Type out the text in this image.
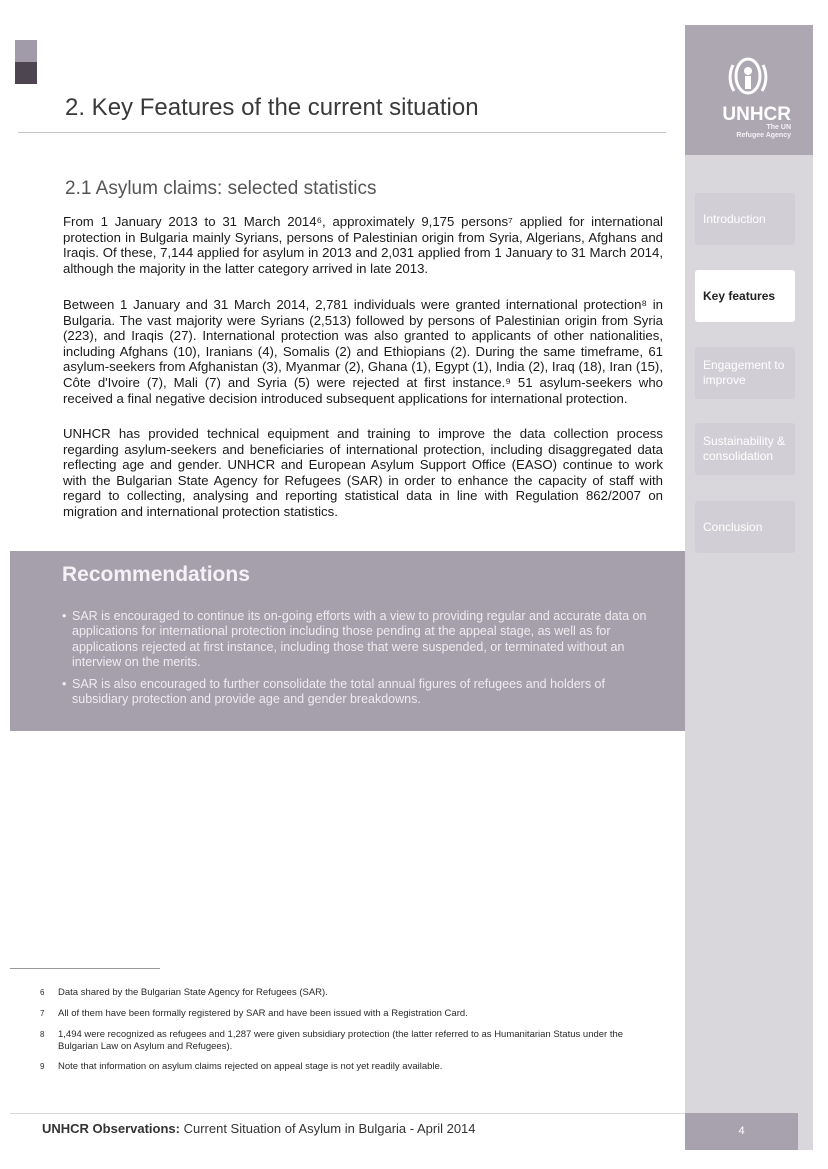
2. Key Features of the current situation
2.1 Asylum claims: selected statistics

From 1 January 2013 to 31 March 2014⁶, approximately 9,175 persons⁷ applied for international protection in Bulgaria mainly Syrians, persons of Palestinian origin from Syria, Algerians, Afghans and Iraqis. Of these, 7,144 applied for asylum in 2013 and 2,031 applied from 1 January to 31 March 2014, although the majority in the latter category arrived in late 2013.

Between 1 January and 31 March 2014, 2,781 individuals were granted international protection⁸ in Bulgaria. The vast majority were Syrians (2,513) followed by persons of Palestinian origin from Syria (223), and Iraqis (27). International protection was also granted to applicants of other nationalities, including Afghans (10), Iranians (4), Somalis (2) and Ethiopians (2). During the same timeframe, 61 asylum-seekers from Afghanistan (3), Myanmar (2), Ghana (1), Egypt (1), India (2), Iraq (18), Iran (15), Côte d'Ivoire (7), Mali (7) and Syria (5) were rejected at first instance.⁹ 51 asylum-seekers who received a final negative decision introduced subsequent applications for international protection.

UNHCR has provided technical equipment and training to improve the data collection process regarding asylum-seekers and beneficiaries of international protection, including disaggregated data reflecting age and gender. UNHCR and European Asylum Support Office (EASO) continue to work with the Bulgarian State Agency for Refugees (SAR) in order to enhance the capacity of staff with regard to collecting, analysing and reporting statistical data in line with Regulation 862/2007 on migration and international protection statistics.

Recommendations
• SAR is encouraged to continue its on-going efforts with a view to providing regular and accurate data on applications for international protection including those pending at the appeal stage, as well as for applications rejected at first instance, including those that were suspended, or terminated without an interview on the merits.
• SAR is also encouraged to further consolidate the total annual figures of refugees and holders of subsidiary protection and provide age and gender breakdowns.
UNHCR
The UN
Refugee Agency
Introduction
Key features
Engagement to improve
Sustainability & consolidation
Conclusion
6	Data shared by the Bulgarian State Agency for Refugees (SAR).
7	All of them have been formally registered by SAR and have been issued with a Registration Card.
8	1,494 were recognized as refugees and 1,287 were given subsidiary protection (the latter referred to as Humanitarian Status under the Bulgarian Law on Asylum and Refugees).
9	Note that information on asylum claims rejected on appeal stage is not yet readily available.
UNHCR Observations: Current Situation of Asylum in Bulgaria - April 2014	4
